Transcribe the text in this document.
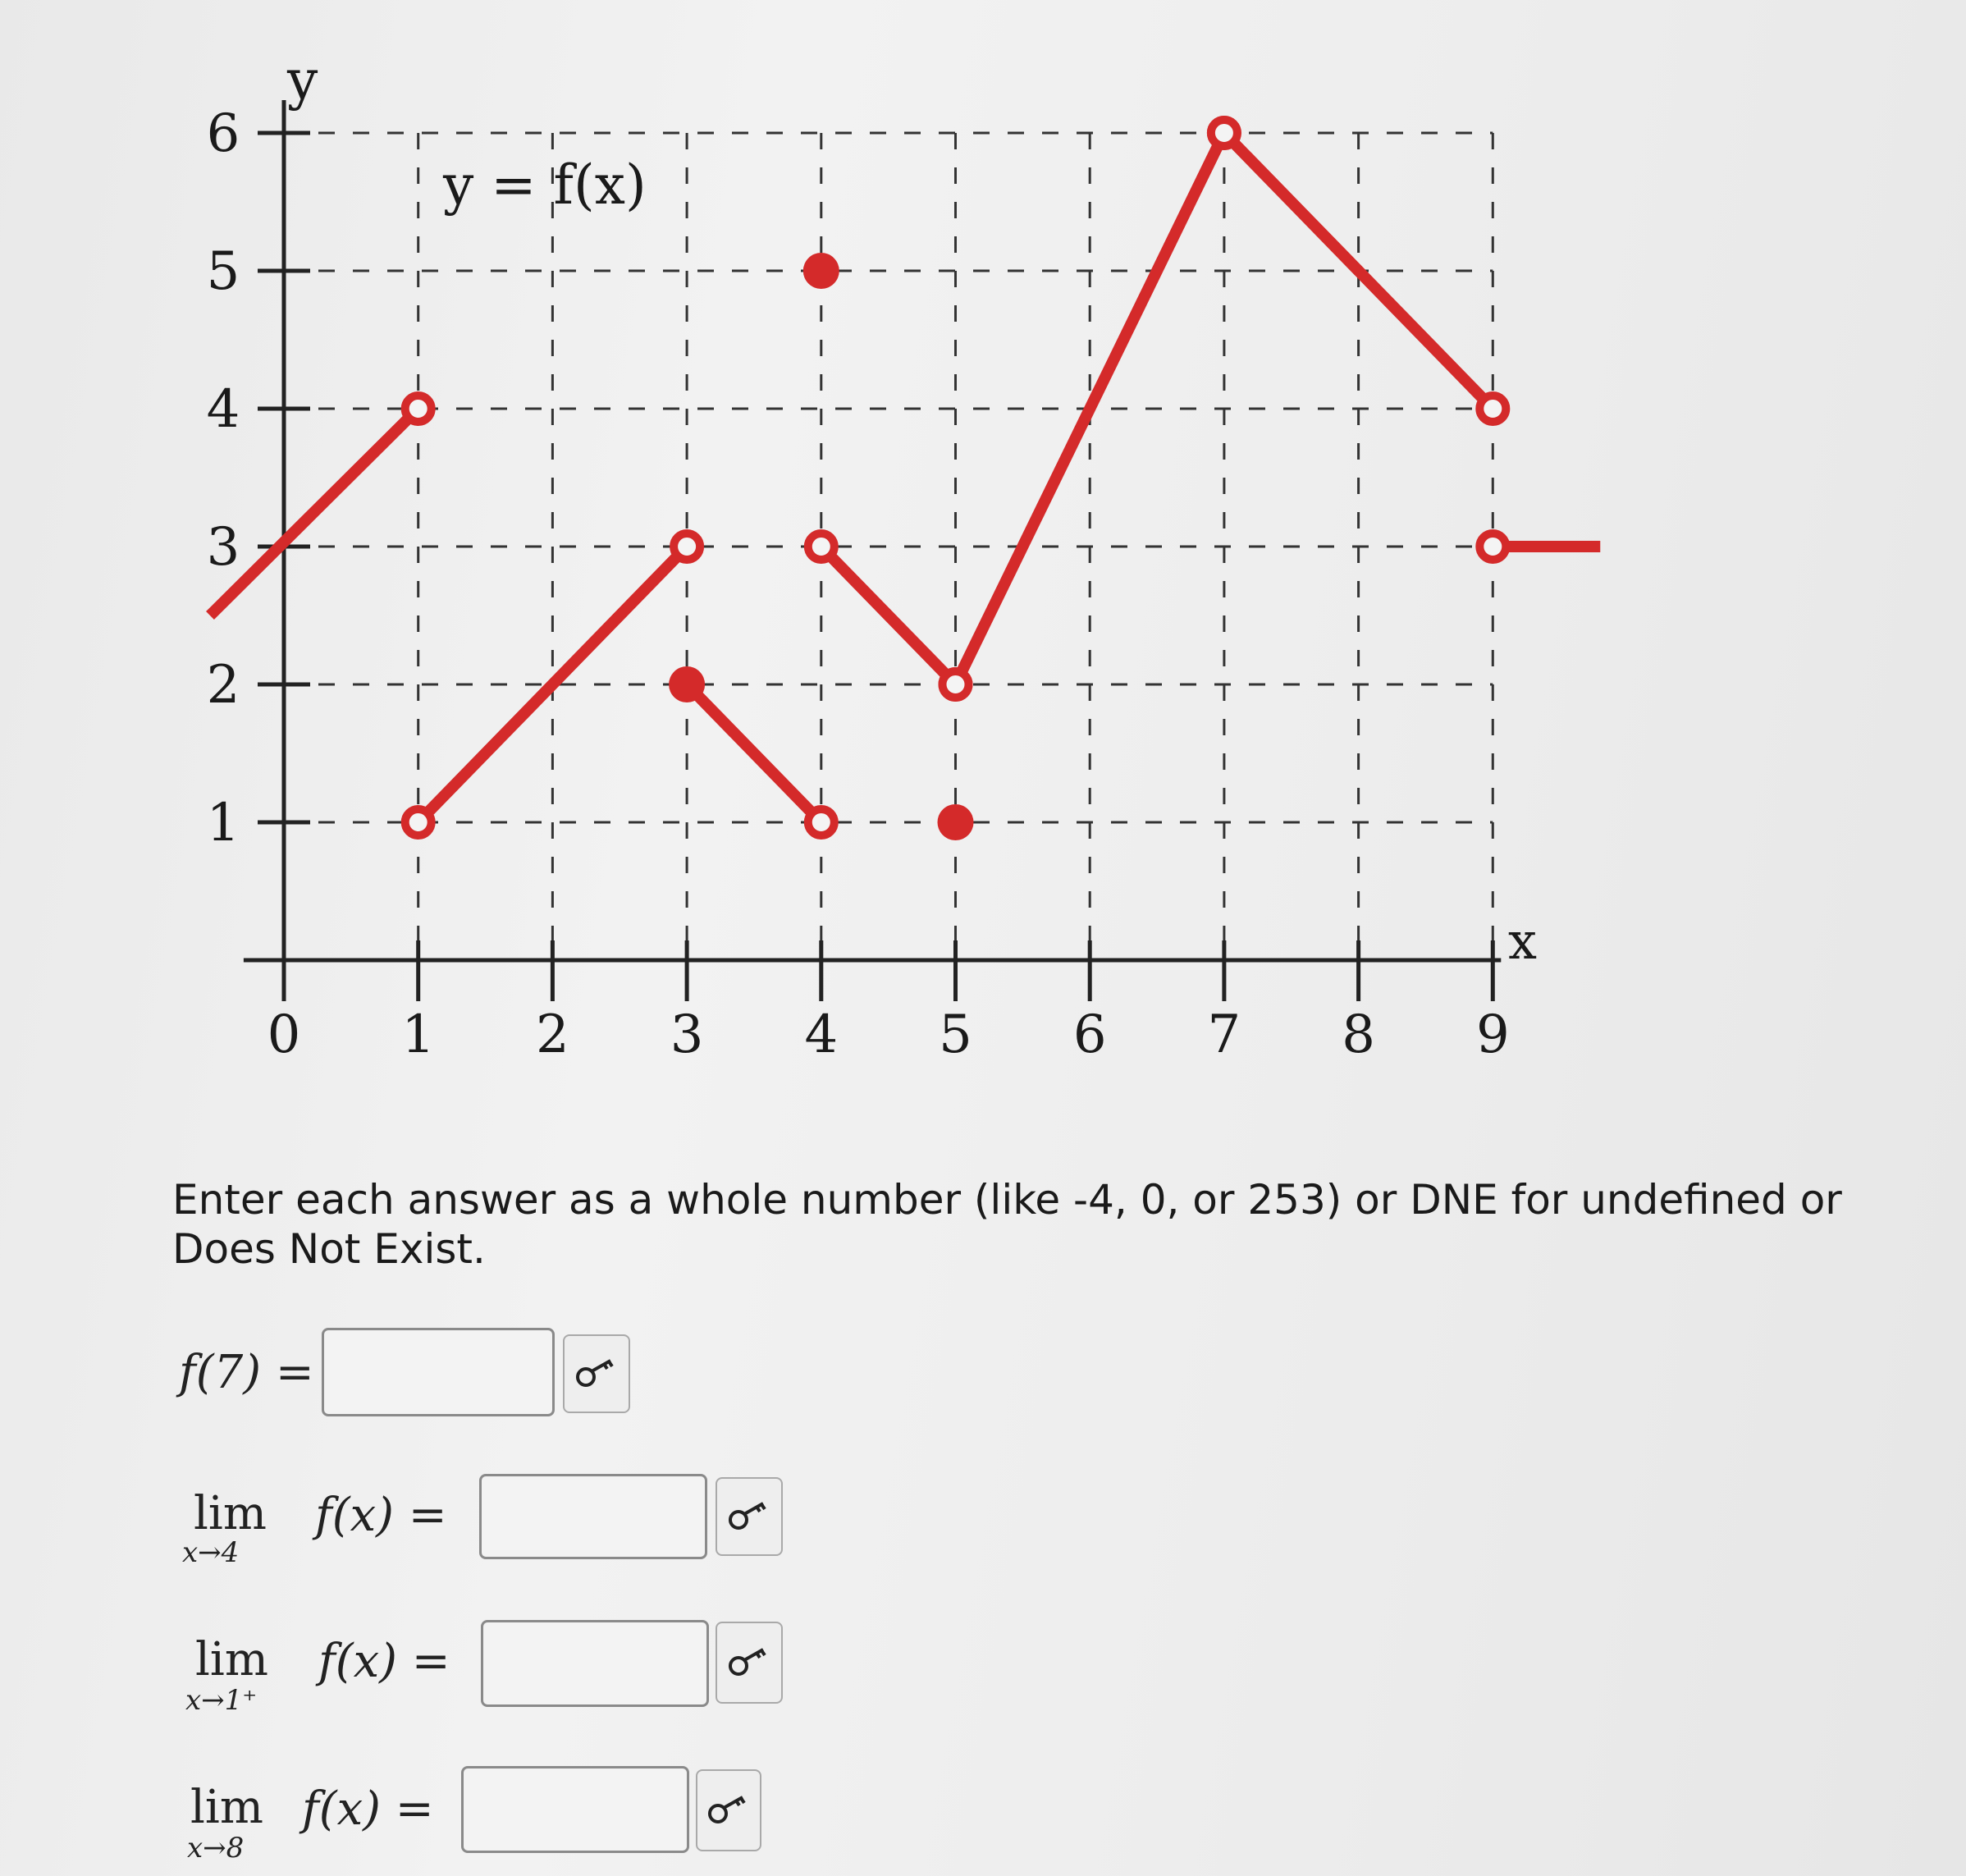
0 1 2 3 4 5 6 7 8 9
1
2
3
4
5
6
y = f(x)
y
x
Enter each answer as a whole number (like -4, 0, or 253) or DNE for undefined or Does Not Exist.
f(7) =
lim
x→4
f(x) =
lim
x→1⁺
f(x) =
lim
x→8
f(x) =
